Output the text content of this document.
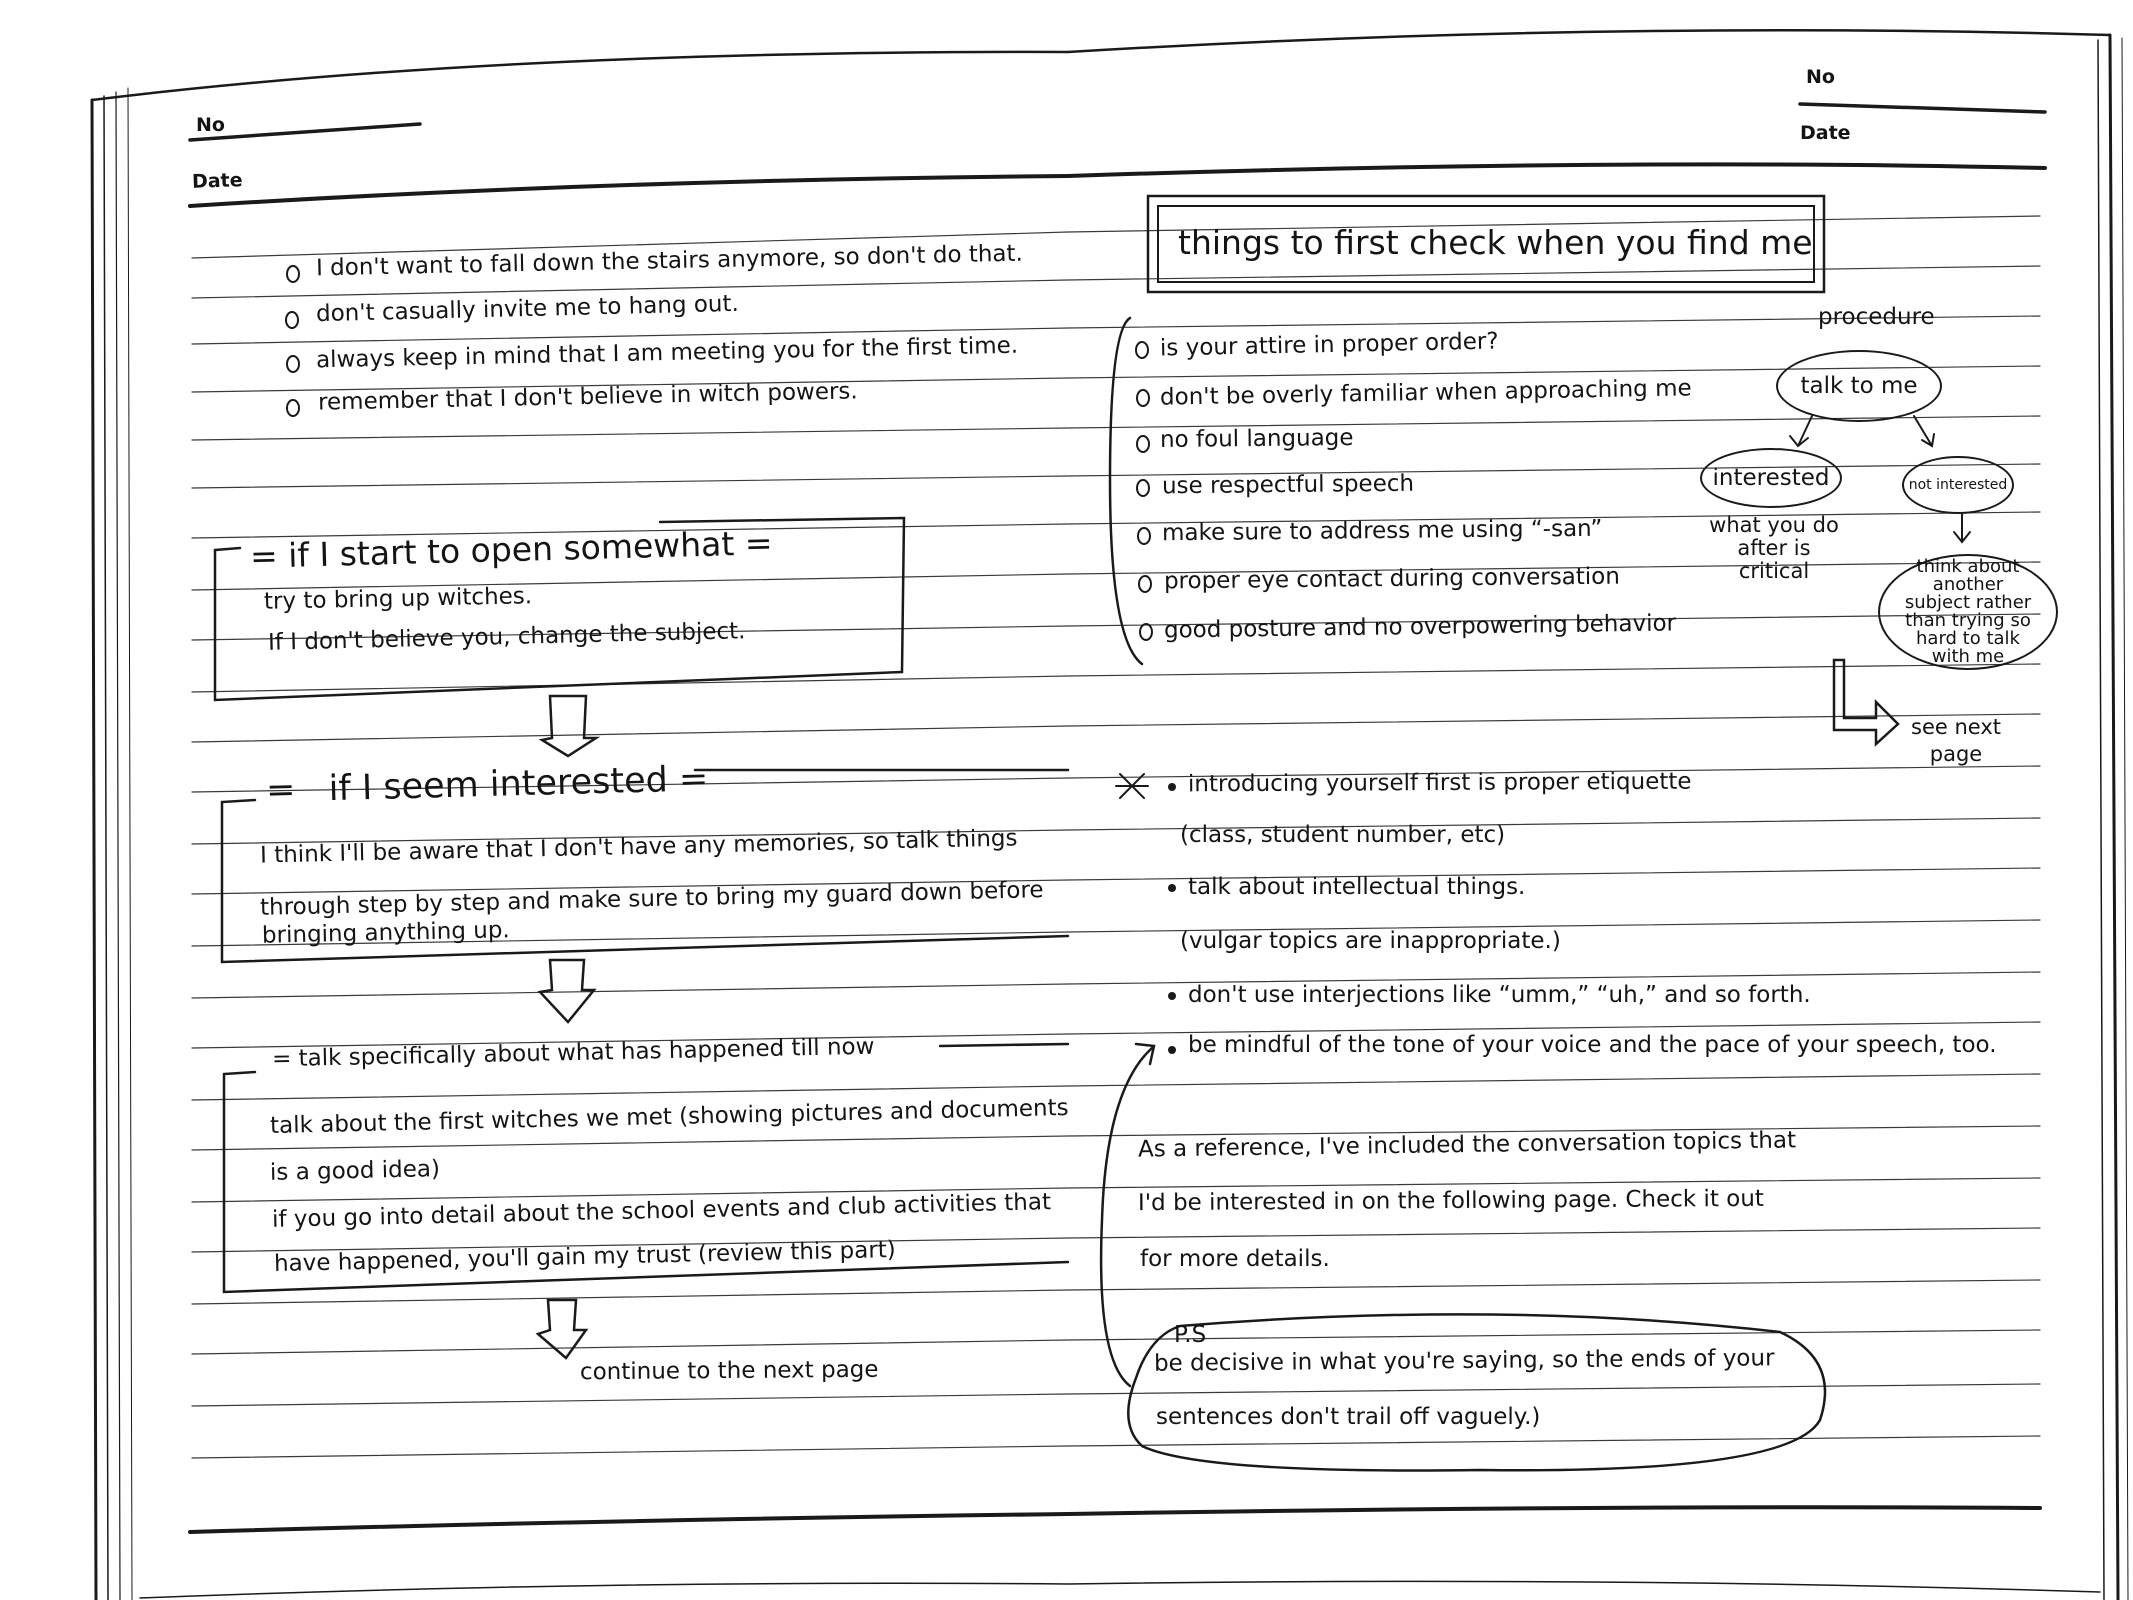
No
Date
I don't want to fall down the stairs anymore, so don't do that.
don't casually invite me to hang out.
always keep in mind that I am meeting you for the first time.
remember that I don't believe in witch powers.
= if I start to open somewhat =
try to bring up witches.
If I don't believe you, change the subject.
=   if I seem interested =
I think I'll be aware that I don't have any memories, so talk things
through step by step and make sure to bring my guard down before
bringing anything up.
= talk specifically about what has happened till now
talk about the first witches we met (showing pictures and documents
is a good idea)
if you go into detail about the school events and club activities that
have happened, you'll gain my trust (review this part)
continue to the next page
No
Date
things to first check when you find me
is your attire in proper order?
don't be overly familiar when approaching me
no foul language
use respectful speech
make sure to address me using “-san”
proper eye contact during conversation
good posture and no overpowering behavior
procedure
talk to me
interested	not interested
what you do after is critical	think about another subject rather than trying so hard to talk with me
see next page
introducing yourself first is proper etiquette
(class, student number, etc)
talk about intellectual things.
(vulgar topics are inappropriate.)
don't use interjections like “umm,” “uh,” and so forth.
be mindful of the tone of your voice and the pace of your speech, too.
As a reference, I've included the conversation topics that
I'd be interested in on the following page. Check it out
for more details.
P.S
be decisive in what you're saying, so the ends of your
sentences don't trail off vaguely.)
